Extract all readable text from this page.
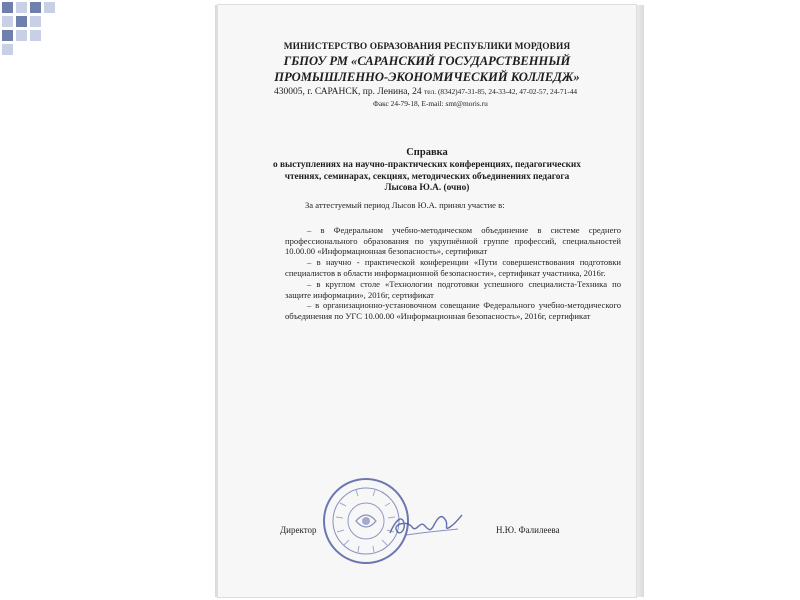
МИНИСТЕРСТВО ОБРАЗОВАНИЯ РЕСПУБЛИКИ МОРДОВИЯ
ГБПОУ РМ «САРАНСКИЙ ГОСУДАРСТВЕННЫЙ
ПРОМЫШЛЕННО-ЭКОНОМИЧЕСКИЙ КОЛЛЕДЖ»
430005, г. САРАНСК, пр. Ленина, 24 тел. (8342)47-31-85, 24-33-42, 47-02-57, 24-71-44
Факс 24-79-18, E-mail: smt@moris.ru
Справка
о выступлениях на научно-практических конференциях, педагогических
чтениях, семинарах, секциях, методических объединениях педагога
Лысова Ю.А. (очно)

За аттестуемый период Лысов Ю.А. принял участие в:

– в Федеральном учебно-методическом объединение в системе среднего профессионального образования по укрупнённой группе профессий, специальностей 10.00.00 «Информационная безопасность», сертификат

– в научно - практической конференции «Пути совершенствования подготовки специалистов в области информационной безопасности», сертификат участника, 2016г.

– в круглом столе «Технологии подготовки успешного специалиста-Техника по защите информации», 2016г, сертификат

– в организационно-установочном совещание Федерального учебно-методического объединения по УГС 10.00.00 «Информационная безопасность», 2016г, сертификат

Директор	Н.Ю. Фалилеева
